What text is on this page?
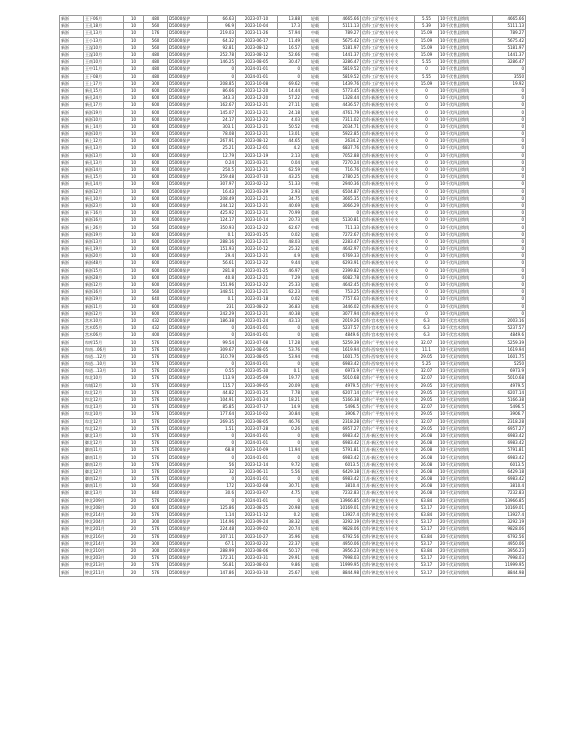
新浙	王下06月	10	480	D5000保护	66.63	2023-07-10	13.88	轻载	4665.66	信科·工矿变(专)专支	5.55	10千伏普县馈线	4665.66
新浙	王孔18月	10	560	D5000保护	96.9	2023-10-04	17.3	轻载	5111.13	信科·工矿变(专)专支	5.39	10千伏普县馈线	5111.13
新浙	王孔13月	10	176	D5000保护	219.03	2023-11-26	57.94	中载	789.27	信科·工矿变(专)专支	15.09	10千伏普县馈线	789.27
新浙	王小13月	10	560	D5000保护	64.32	2023-06-17	11.49	轻载	5675.42	信科·工矿变(专)专支	15.09	10千伏普县馈线	5675.42
新浙	王湿10月	10	560	D5000保护	92.81	2023-08-12	16.57	轻载	5181.97	信科·工矿变(专)专支	15.09	10千伏普县馈线	5181.97
新浙	王湿10月	10	480	D5000保护	252.78	2023-08-12	52.66	中载	1441.37	信科·工矿变(专)专支	15.09	10千伏普县馈线	1441.37
新浙	王南10月	10	480	D5000保护	146.25	2023-08-05	30.47	轻载	3286.47	信科·工矿变(专)专支	5.55	10千伏普县馈线	3286.47
新浙	王中11月	10	480	D5000保护	0	2024-01-01	0	轻载	5819.52	信科·工矿变(专)专支	0	10千伏普县馈线	0
新浙	王下08月	10	480	D5000保护	0	2024-01-01	0	轻载	5819.52	信科·工矿变(专)专支	5.55	10千伏普县馈线	3550
新浙	王上17月	10	300	D5000保护	208.85	2023-10-08	69.62	中载	1439.76	信科·工矿变(专)专支	15.09	10千伏普县馈线	19.92
新浙	新孔15月	10	600	D5000保护	86.66	2023-12-20	14.44	轻载	5773.45	信科·新浙变(专)专支	0	10千伏四县馈线	0
新浙	新孔24月	10	600	D5000保护	343.3	2023-12-20	57.22	中载	1328.44	信科·新浙变(专)专支	0	10千伏四县馈线	0
新浙	新孔17月	10	600	D5000保护	162.67	2023-12-21	27.11	轻载	4436.57	信科·新浙变(专)专支	0	10千伏四县馈线	0
新浙	新浙19月	10	600	D5000保护	145.07	2023-12-21	24.18	轻载	4761.79	信科·新浙变(专)专支	0	10千伏四县馈线	0
新浙	新浙10月	10	600	D5000保护	24.17	2023-12-22	4.03	轻载	7311.02	信科·新浙变(专)专支	0	10千伏四县馈线	0
新浙	新上14月	10	600	D5000保护	303.1	2023-12-21	50.52	中载	2034.71	信科·新浙变(专)专支	0	10千伏四县馈线	0
新浙	新浙10月	10	600	D5000保护	78.08	2023-12-21	13.01	轻载	5922.85	信科·新浙变(专)专支	0	10千伏四县馈线	0
新浙	新上12月	10	600	D5000保护	267.91	2023-08-12	44.65	轻载	2634.2	信科·新浙变(专)专支	0	10千伏四县馈线	0
新浙	新孔13月	10	600	D5000保护	25.21	2023-12-01	4.2	轻载	6837.76	信科·新浙变(专)专支	0	10千伏四县馈线	0
新浙	新浙13月	10	600	D5000保护	12.79	2023-12-19	2.13	轻载	7052.88	信科·新浙变(专)专支	0	10千伏四县馈线	0
新浙	新孔13月	10	600	D5000保护	0.24	2023-03-21	0.04	轻载	7270.24	信科·新浙变(专)专支	0	10千伏四县馈线	0
新浙	新浙14月	10	600	D5000保护	250.5	2023-12-21	62.59	中载	716.76	信科·新浙变(专)专支	0	10千伏四县馈线	0
新浙	新孔15月	10	600	D5000保护	259.48	2023-07-10	43.25	轻载	2780.25	信科·新浙变(专)专支	0	10千伏四县馈线	0
新浙	新孔14月	10	600	D5000保护	307.97	2023-02-12	51.33	中载	2940.36	信科·新浙变(专)专支	0	10千伏四县馈线	0
新浙	新浙12月	10	600	D5000保护	16.43	2023-03-29	2.93	轻载	6504.87	信科·新浙变(专)专支	0	10千伏四县馈线	0
新浙	新孔10月	10	600	D5000保护	208.49	2023-12-21	34.75	轻载	3665.35	信科·新浙变(专)专支	0	10千伏四县馈线	0
新浙	新浙23月	10	600	D5000保护	244.12	2023-12-21	40.69	轻载	3066.29	信科·新浙变(专)专支	0	10千伏四县馈线	0
新浙	新下16月	10	600	D5000保护	425.92	2023-12-21	70.99	重载	0	信科·新浙变(专)专支	0	10千伏四县馈线	0
新浙	新浙16月	10	600	D5000保护	124.17	2023-10-14	20.73	轻载	5130.81	信科·新浙变(专)专支	0	10千伏四县馈线	0
新浙	新上26月	10	560	D5000保护	350.93	2023-12-22	62.67	中载	711.33	信科·新浙变(专)专支	0	10千伏四县馈线	0
新浙	新浙19月	10	600	D5000保护	0.1	2023-01-25	0.02	轻载	7272.67	信科·新浙变(专)专支	0	10千伏四县馈线	0
新浙	新浙13月	10	600	D5000保护	288.16	2023-12-21	48.03	轻载	2283.47	信科·新浙变(专)专支	0	10千伏四县馈线	0
新浙	新孔19月	10	600	D5000保护	151.93	2023-10-12	25.32	轻载	4642.97	信科·新浙变(专)专支	0	10千伏四县馈线	0
新浙	新浙20月	10	600	D5000保护	29.4	2023-12-21	4.9	轻载	6769.33	信科·新浙变(专)专支	0	10千伏四县馈线	0
新浙	新浙48月	10	600	D5000保护	56.61	2023-12-22	9.44	轻载	6293.91	信科·新浙变(专)专支	0	10千伏四县馈线	0
新浙	新浙15月	10	600	D5000保护	281.8	2023-01-25	46.97	轻载	2399.82	信科·新浙变(专)专支	0	10千伏四县馈线	0
新浙	新浙28月	10	600	D5000保护	40.8	2023-12-21	7.29	轻载	6082.78	信科·新浙变(专)专支	0	10千伏四县馈线	0
新浙	新浙12月	10	600	D5000保护	151.96	2023-12-22	25.33	轻载	4642.45	信科·新浙变(专)专支	0	10千伏四县馈线	0
新浙	新浙16月	10	560	D5000保护	348.51	2023-12-21	62.23	中载	753.25	信科·新浙变(专)专支	0	10千伏四县馈线	0
新浙	新浙19月	10	640	D5000保护	0.1	2023-01-18	0.02	轻载	7757.63	信科·新浙变(专)专支	0	10千伏四县馈线	0
新浙	新浙11月	10	600	D5000保护	231	2023-08-22	36.83	轻载	3446.02	信科·新浙变(专)专支	0	10千伏四县馈线	0
新浙	新浙12月	10	600	D5000保护	242.29	2023-12-21	40.38	轻载	3077.94	信科·新浙变(专)专支	0	10千伏四县馈线	0
新浙	宫木10月	10	432	D5000保护	186.38	2023-01-24	43.13	轻载	2019.26	信科·宫木变(专)专支	6.3	10千伏宫木馈线	2003.16
新浙	宫木05月	10	432	D5000保护	0	2024-01-01	0	轻载	5237.57	信科·宫木变(专)专支	6.3	10千伏宫木馈线	5237.57
新浙	宫木06月	10	400	D5000保护	0	2024-01-01	0	轻载	4849.6	信科·宫木变(专)专支	6.3	10千伏宫木馈线	4849.6
新浙	帘库15月	10	576	D5000保护	99.54	2023-07-08	17.28	轻载	5259.39	信科·广平变(专)专支	32.07	10千伏双帘馈线	5259.39
新浙	帘南…06月	10	576	D5000保护	309.67	2023-08-05	53.76	中载	1619.94	信科·西帘变(专)专支	11.1	10千伏双帘馈线	1619.94
新浙	帘道…12月	10	576	D5000保护	310.79	2023-08-05	53.94	中载	1601.75	信科·西帘变(专)专支	29.05	10千伏双帘馈线	1601.75
新浙	帘道…10月	10	576	D5000保护	0	2024-01-01	0	轻载	6983.42	信科·西帘变(专)专支	5.25	10千伏双帘馈线	5250
新浙	帘道…13月	10	576	D5000保护	0.55	2023-05-30	0.1	轻载	6973.9	信科·广平变(专)专支	32.07	10千伏双帘馈线	6973.9
新浙	帘北10月	10	576	D5000保护	113.9	2023-05-09	19.77	轻载	5010.68	信科·广平变(专)专支	32.07	10千伏双帘馈线	5010.68
新浙	帘埔12月	10	576	D5000保护	115.7	2023-09-05	20.09	轻载	4979.5	信科·广平变(专)专支	29.05	10千伏双帘馈线	4979.5
新浙	帘北12月	10	576	D5000保护	44.82	2023-01-25	7.78	轻载	6207.14	信科·广平变(专)专支	29.05	10千伏双帘馈线	6207.14
新浙	帘北12月	10	576	D5000保护	104.91	2023-01-24	18.21	轻载	5166.38	信科·广平变(专)专支	29.05	10千伏双帘馈线	5166.38
新浙	帘北13月	10	576	D5000保护	85.85	2023-07-17	14.9	轻载	5496.5	信科·广平变(专)专支	32.07	10千伏双帘馈线	5496.5
新浙	帘北10月	10	576	D5000保护	177.64	2023-10-02	30.84	轻载	3906.7	信科·广平变(专)专支	29.05	10千伏双帘馈线	3906.7
新浙	帘北12月	10	576	D5000保护	269.35	2023-08-05	46.76	轻载	2318.28	信科·广平变(专)专支	32.07	10千伏双帘馈线	2318.28
新浙	帘北12月	10	576	D5000保护	1.51	2023-07-28	0.26	轻载	6957.27	信科·广平变(专)专支	29.05	10千伏双帘馈线	6957.27
新浙	御北13月	10	576	D5000保护	0	2024-01-01	0	轻载	6983.42	江苏·新区变(专)专支	26.08	10千伏双帘馈线	6983.42
新浙	御北12月	10	576	D5000保护	0	2024-01-01	0	轻载	6983.42	江苏·新区变(专)专支	26.08	10千伏双帘馈线	6983.42
新浙	御南11月	10	576	D5000保护	68.8	2023-10-09	11.94	轻载	5791.81	江苏·新区变(专)专支	26.08	10千伏双帘馈线	5791.81
新浙	御南11月	10	576	D5000保护	0	2024-01-01	0	轻载	6983.42	江苏·新区变(专)专支	26.08	10千伏双帘馈线	6983.42
新浙	御南12月	10	576	D5000保护	56	2023-12-14	9.72	轻载	6013.5	江苏·新区变(专)专支	26.08	10千伏双帘馈线	6013.5
新浙	御北12月	10	576	D5000保护	32	2023-06-11	5.56	轻载	6429.18	江苏·新区变(专)专支	26.08	10千伏双帘馈线	6429.18
新浙	御南12月	10	576	D5000保护	0	2024-01-01	0	轻载	6983.42	江苏·新区变(专)专支	26.08	10千伏双帘馈线	6983.42
新浙	御南11月	10	560	D5000保护	172	2023-02-08	30.71	轻载	3810.4	江苏·新区变(专)专支	26.08	10千伏双帘馈线	3810.4
新浙	御北13月	10	640	D5000保护	30.6	2023-03-07	4.75	轻载	7232.83	江苏·新区变(专)专支	26.08	10千伏双帘馈线	7232.83
新浙	钟北209月	20	576	D5000保护	0	2024-01-01	0	轻载	13966.85	信科·钟北变(专)专支	63.84	20千伏双帘馈线	13966.85
新浙	钟北208月	20	600	D5000保护	125.86	2023-08-25	20.98	轻载	10169.01	信科·钟北变(专)专支	53.17	20千伏双帘馈线	10169.01
新浙	钟北214月	20	576	D5000保护	1.14	2023-11-12	0.2	轻载	13927.4	信科·钟北变(专)专支	63.84	20千伏双帘馈线	13927.4
新浙	钟北204月	20	300	D5000保护	114.96	2023-09-24	38.32	轻载	3292.19	信科·钟北变(专)专支	53.17	20千伏双帘馈线	3292.19
新浙	钟北201月	20	576	D5000保护	224.48	2023-09-02	20.74	轻载	9828.06	信科·钟北变(专)专支	53.17	20千伏双帘馈线	9828.06
新浙	钟北216月	20	576	D5000保护	207.11	2023-10-27	35.96	轻载	6792.56	信科·钟北变(专)专支	63.84	20千伏双帘馈线	6792.56
新浙	钟北214月	20	300	D5000保护	67.1	2023-02-22	22.37	轻载	4950.06	信科·钟北变(专)专支	53.17	20千伏双帘馈线	4950.06
新浙	钟北210月	20	300	D5000保护	288.99	2023-08-06	50.17	中载	3956.23	信科·钟北变(专)专支	63.84	20千伏双帘馈线	3956.23
新浙	钟北203月	20	576	D5000保护	172.31	2023-03-31	29.91	轻载	7998.03	信科·钟北变(专)专支	53.17	20千伏双帘馈线	7998.03
新浙	钟北213月	20	576	D5000保护	56.81	2023-08-03	9.86	轻载	11999.95	信科·钟北变(专)专支	53.17	20千伏双帘馈线	11999.95
新浙	钟北211月	20	576	D5000保护	147.86	2023-03-10	25.67	轻载	8844.98	信科·钟北变(专)专支	53.17	20千伏双帘馈线	8844.98
